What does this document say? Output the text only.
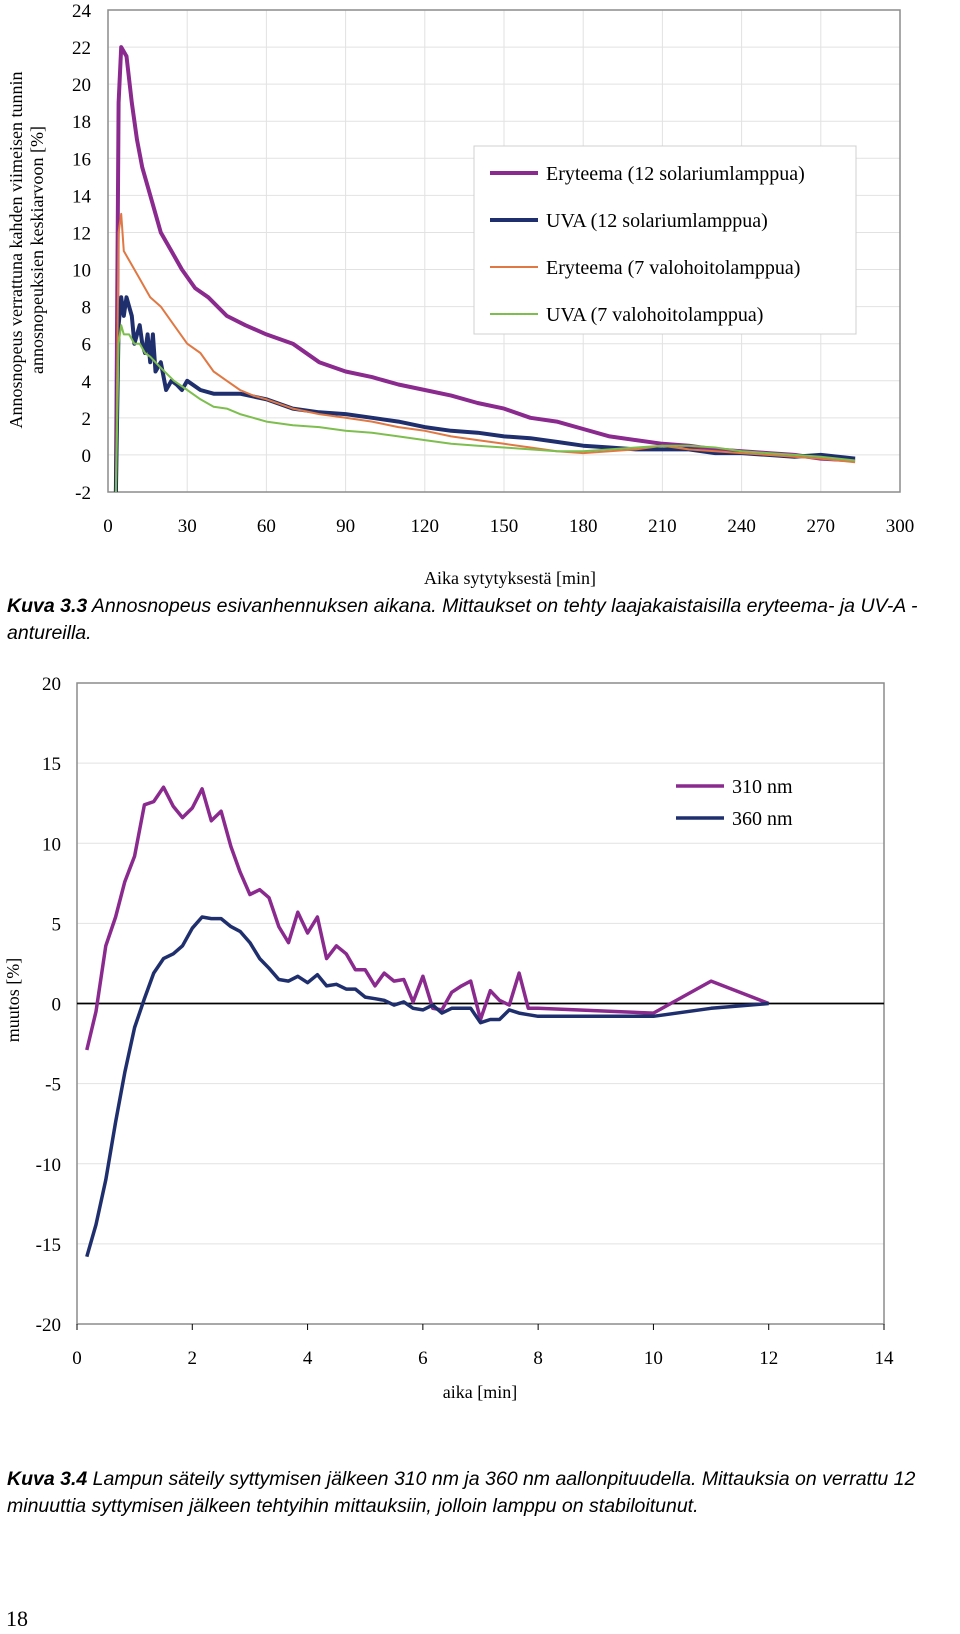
-2
0
2
4
6
8
10
12
14
16
18
20
22
24
0	30	60	90	120	150	180	210	240	270	300
Aika sytytyksestä [min]
Annosnopeus verrattuna kahden viimeisen tunnin annosnopeuksien keskiarvoon [%]	Eryteema (12 solariumlamppua)
UVA (12 solariumlamppua)
Eryteema (7 valohoitolamppua)
UVA (7 valohoitolamppua)
Kuva 3.3 Annosnopeus esivanhennuksen aikana. Mittaukset on tehty laajakaistaisilla eryteema- ja UV-A -antureilla.
-20
-15
-10
-5
0
5
10
15
20
0	2	4	6	8	10	12	14
aika [min]
muutos [%]
310 nm
360 nm
Kuva 3.4 Lampun säteily syttymisen jälkeen 310 nm ja 360 nm aallonpituudella. Mittauksia on verrattu 12 minuuttia syttymisen jälkeen tehtyihin mittauksiin, jolloin lamppu on stabiloitunut.
18
